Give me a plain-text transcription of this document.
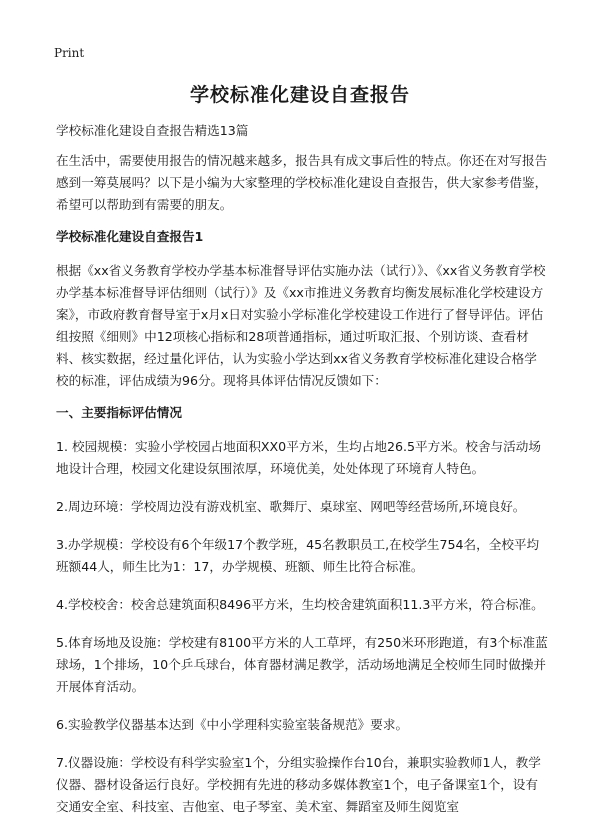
Print
学校标准化建设自查报告

学校标准化建设自查报告精选13篇

在生活中，需要使用报告的情况越来越多，报告具有成文事后性的特点。你还在对写报告感到一筹莫展吗？以下是小编为大家整理的学校标准化建设自查报告，供大家参考借鉴，希望可以帮助到有需要的朋友。

学校标准化建设自查报告1

根据《xx省义务教育学校办学基本标准督导评估实施办法（试行）》、《xx省义务教育学校办学基本标准督导评估细则（试行）》及《xx市推进义务教育均衡发展标准化学校建设方案》，市政府教育督导室于x月x日对实验小学标准化学校建设工作进行了督导评估。评估组按照《细则》中12项核心指标和28项普通指标，通过听取汇报、个别访谈、查看材料、核实数据，经过量化评估，认为实验小学达到xx省义务教育学校标准化建设合格学校的标准，评估成绩为96分。现将具体评估情况反馈如下：

一、主要指标评估情况

1. 校园规模：实验小学校园占地面积XX0平方米，生均占地26.5平方米。校舍与活动场地设计合理，校园文化建设氛围浓厚，环境优美，处处体现了环境育人特色。

2.周边环境：学校周边没有游戏机室、歌舞厅、桌球室、网吧等经营场所,环境良好。

3.办学规模：学校设有6个年级17个教学班，45名教职员工,在校学生754名，全校平均班额44人，师生比为1：17，办学规模、班额、师生比符合标准。

4.学校校舍：校舍总建筑面积8496平方米，生均校舍建筑面积11.3平方米，符合标准。

5.体育场地及设施：学校建有8100平方米的人工草坪，有250米环形跑道，有3个标准蓝球场，1个排场，10个乒乓球台，体育器材满足教学，活动场地满足全校师生同时做操并开展体育活动。

6.实验教学仪器基本达到《中小学理科实验室装备规范》要求。

7.仪器设施：学校设有科学实验室1个，分组实验操作台10台，兼职实验教师1人，教学仪器、器材设备运行良好。学校拥有先进的移动多媒体教室1个，电子备课室1个，设有交通安全室、科技室、吉他室、电子琴室、美术室、舞蹈室及师生阅览室
